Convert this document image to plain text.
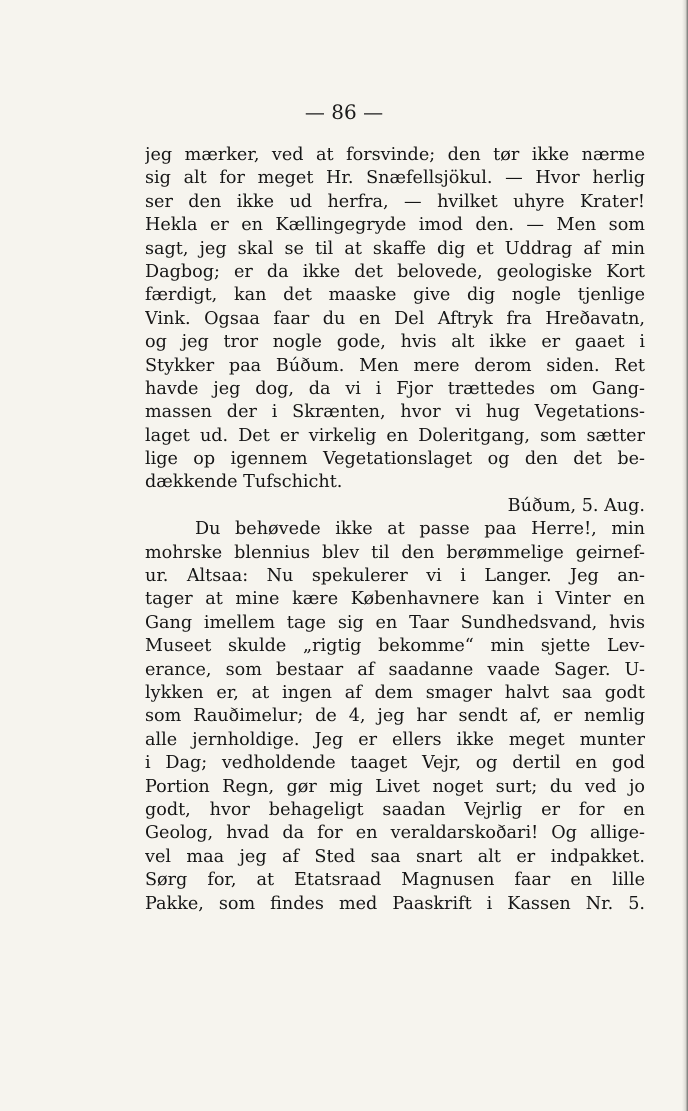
— 86 —
jeg mærker, ved at forsvinde; den tør ikke nærme
sig alt for meget Hr. Snæfellsjökul. — Hvor herlig
ser den ikke ud herfra, — hvilket uhyre Krater!
Hekla er en Kællingegryde imod den. — Men som
sagt, jeg skal se til at skaffe dig et Uddrag af min
Dagbog; er da ikke det belovede, geologiske Kort
færdigt, kan det maaske give dig nogle tjenlige
Vink. Ogsaa faar du en Del Aftryk fra Hreðavatn,
og jeg tror nogle gode, hvis alt ikke er gaaet i
Stykker paa Búðum. Men mere derom siden. Ret
havde jeg dog, da vi i Fjor trættedes om Gang-
massen der i Skrænten, hvor vi hug Vegetations-
laget ud. Det er virkelig en Doleritgang, som sætter
lige op igennem Vegetationslaget og den det be-
dækkende Tufschicht.
Búðum, 5. Aug.
Du behøvede ikke at passe paa Herre!, min
mohrske blennius blev til den berømmelige geirnef-
ur. Altsaa: Nu spekulerer vi i Langer. Jeg an-
tager at mine kære Københavnere kan i Vinter en
Gang imellem tage sig en Taar Sundhedsvand, hvis
Museet skulde „rigtig bekomme“ min sjette Lev-
erance, som bestaar af saadanne vaade Sager. U-
lykken er, at ingen af dem smager halvt saa godt
som Rauðimelur; de 4, jeg har sendt af, er nemlig
alle jernholdige. Jeg er ellers ikke meget munter
i Dag; vedholdende taaget Vejr, og dertil en god
Portion Regn, gør mig Livet noget surt; du ved jo
godt, hvor behageligt saadan Vejrlig er for en
Geolog, hvad da for en veraldarskoðari! Og allige-
vel maa jeg af Sted saa snart alt er indpakket.
Sørg for, at Etatsraad Magnusen faar en lille
Pakke, som findes med Paaskrift i Kassen Nr. 5.
